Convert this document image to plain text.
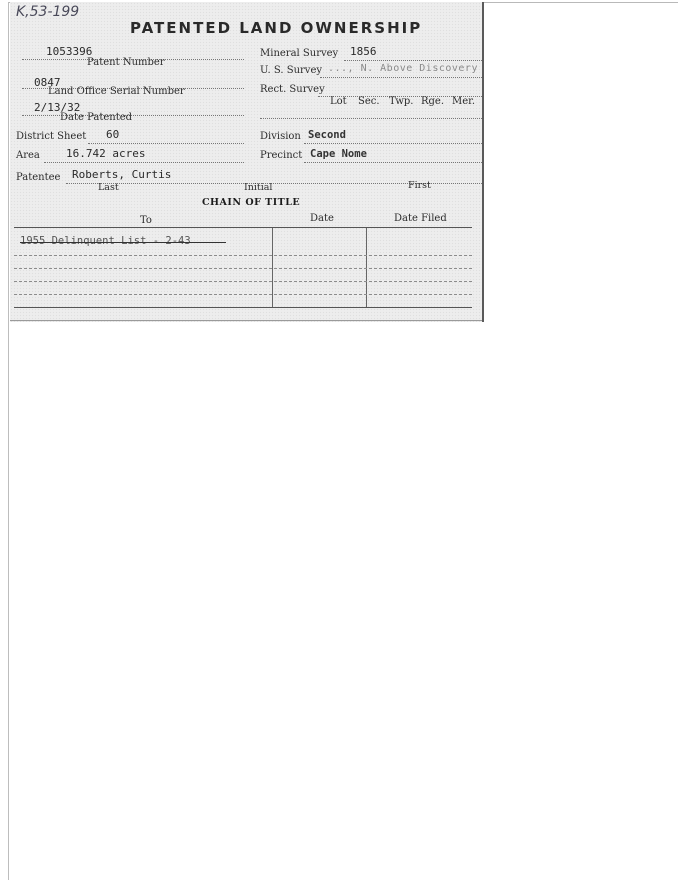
K,53-199
PATENTED LAND OWNERSHIP
1053396
Patent Number
0847
Land Office Serial Number
2/13/32
Date Patented
District Sheet 60
Area 16.742 acres
Mineral Survey 1856
U. S. Survey ..., N. Above Discovery
Rect. Survey
Lot Sec. Twp. Rge. Mer.
Division Second
Precinct Cape Nome
Patentee Roberts, Curtis
Last	Initial	First
CHAIN OF TITLE
To	Date	Date Filed
1955 Delinquent List - 2-43
